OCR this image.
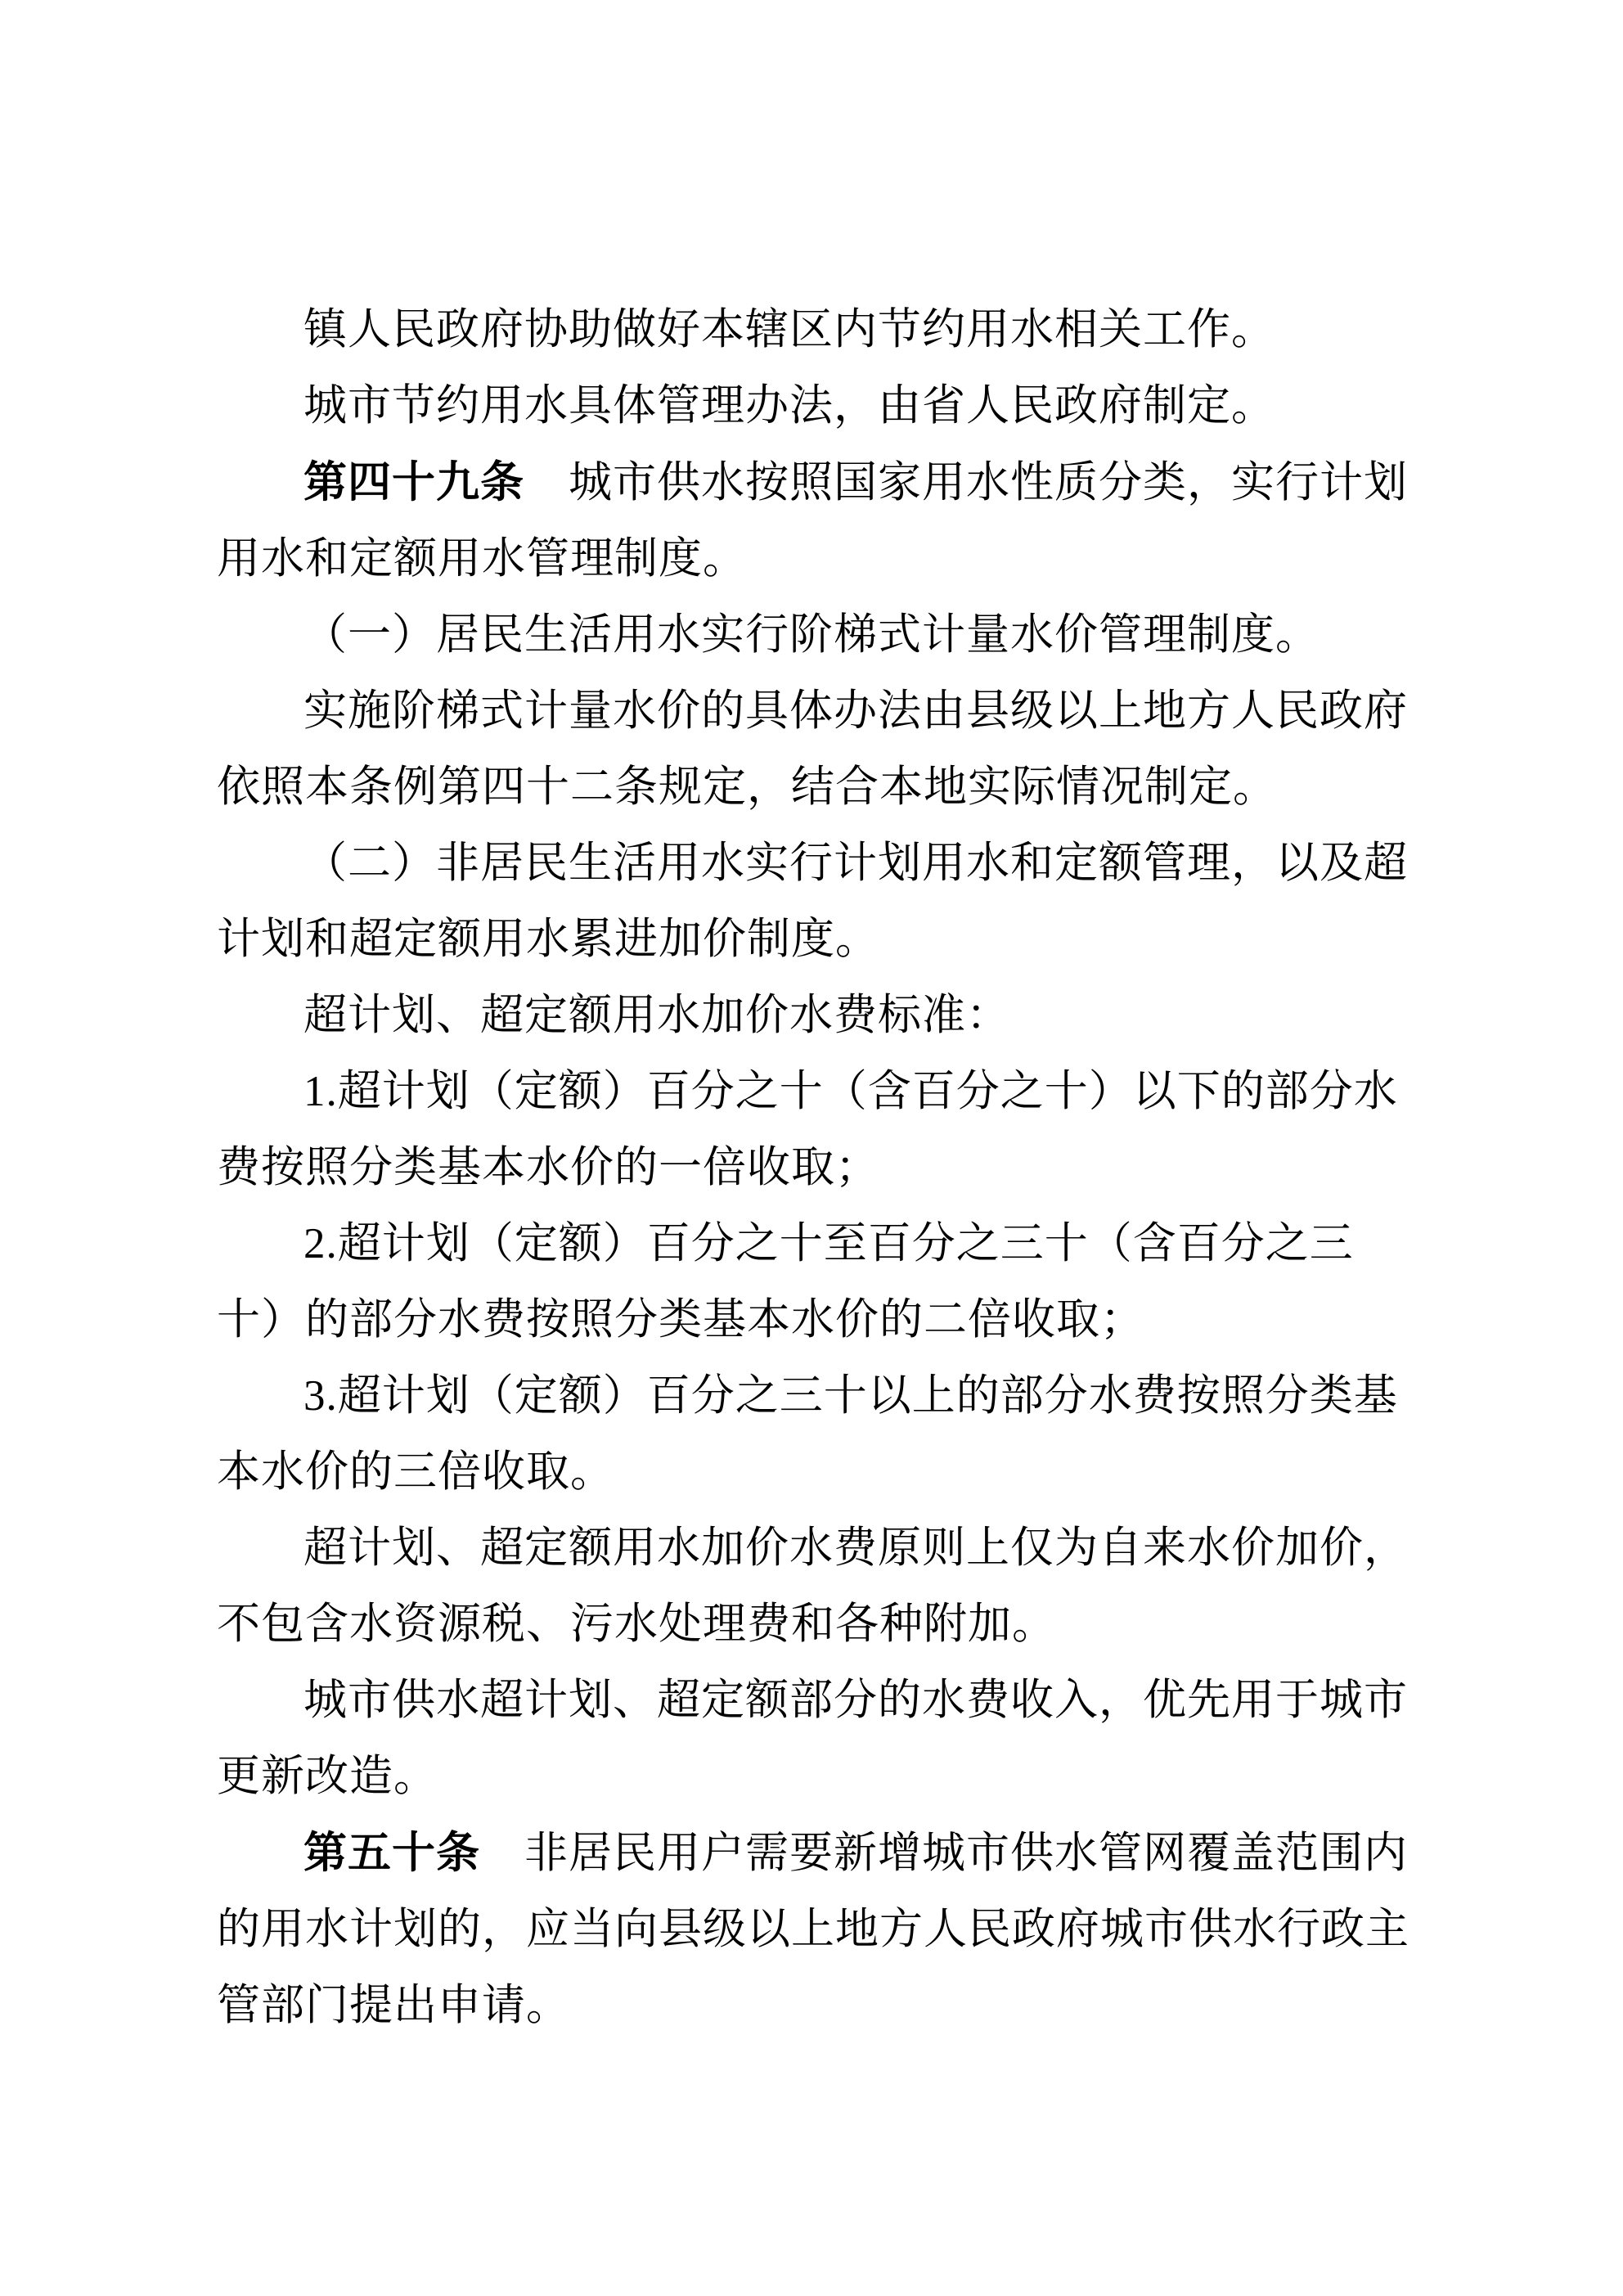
镇人民政府协助做好本辖区内节约用水相关工作。

城市节约用水具体管理办法，由省人民政府制定。

第四十九条　城市供水按照国家用水性质分类，实行计划用水和定额用水管理制度。

（一）居民生活用水实行阶梯式计量水价管理制度。

实施阶梯式计量水价的具体办法由县级以上地方人民政府依照本条例第四十二条规定，结合本地实际情况制定。

（二）非居民生活用水实行计划用水和定额管理，以及超计划和超定额用水累进加价制度。

超计划、超定额用水加价水费标准：

1.超计划（定额）百分之十（含百分之十）以下的部分水费按照分类基本水价的一倍收取；

2.超计划（定额）百分之十至百分之三十（含百分之三十）的部分水费按照分类基本水价的二倍收取；

3.超计划（定额）百分之三十以上的部分水费按照分类基本水价的三倍收取。

超计划、超定额用水加价水费原则上仅为自来水价加价，不包含水资源税、污水处理费和各种附加。

城市供水超计划、超定额部分的水费收入，优先用于城市更新改造。

第五十条　非居民用户需要新增城市供水管网覆盖范围内的用水计划的，应当向县级以上地方人民政府城市供水行政主管部门提出申请。
